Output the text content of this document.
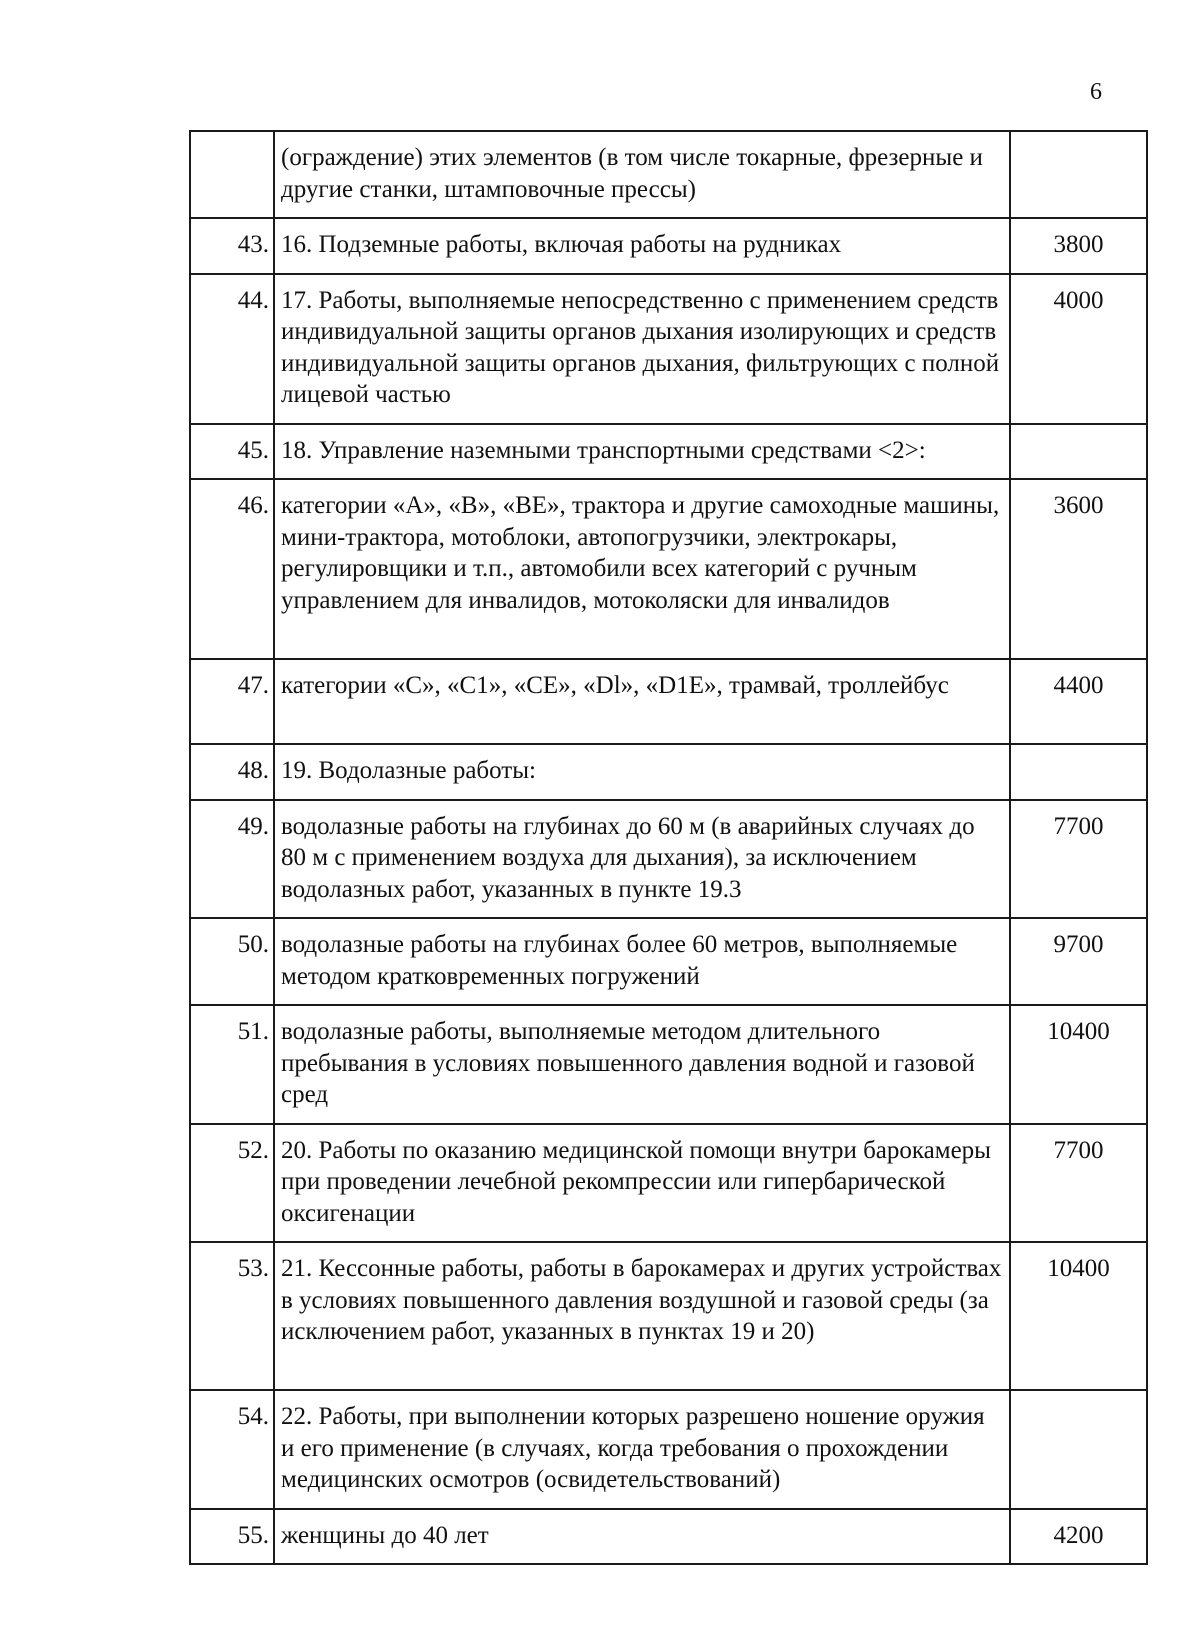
6
	(ограждение) этих элементов (в том числе токарные, фрезерные и другие станки, штамповочные прессы)	
43.	16. Подземные работы, включая работы на рудниках	3800
44.	17. Работы, выполняемые непосредственно с применением средств индивидуальной защиты органов дыхания изолирующих и средств индивидуальной защиты органов дыхания, фильтрующих с полной лицевой частью	4000
45.	18. Управление наземными транспортными средствами <2>:	
46.	категории «А», «В», «ВЕ», трактора и другие самоходные машины, мини-трактора, мотоблоки, автопогрузчики, электрокары, регулировщики и т.п., автомобили всех категорий с ручным управлением для инвалидов, мотоколяски для инвалидов	3600
47.	категории «С», «С1», «СЕ», «Dl», «D1E», трамвай, троллейбус	4400
48.	19. Водолазные работы:	
49.	водолазные работы на глубинах до 60 м (в аварийных случаях до 80 м с применением воздуха для дыхания), за исключением водолазных работ, указанных в пункте 19.3	7700
50.	водолазные работы на глубинах более 60 метров, выполняемые методом кратковременных погружений	9700
51.	водолазные работы, выполняемые методом длительного пребывания в условиях повышенного давления водной и газовой сред	10400
52.	20. Работы по оказанию медицинской помощи внутри барокамеры при проведении лечебной рекомпрессии или гипербарической оксигенации	7700
53.	21. Кессонные работы, работы в барокамерах и других устройствах в условиях повышенного давления воздушной и газовой среды (за исключением работ, указанных в пунктах 19 и 20)	10400
54.	22. Работы, при выполнении которых разрешено ношение оружия и его применение (в случаях, когда требования о прохождении медицинских осмотров (освидетельствований)	
55.	женщины до 40 лет	4200
